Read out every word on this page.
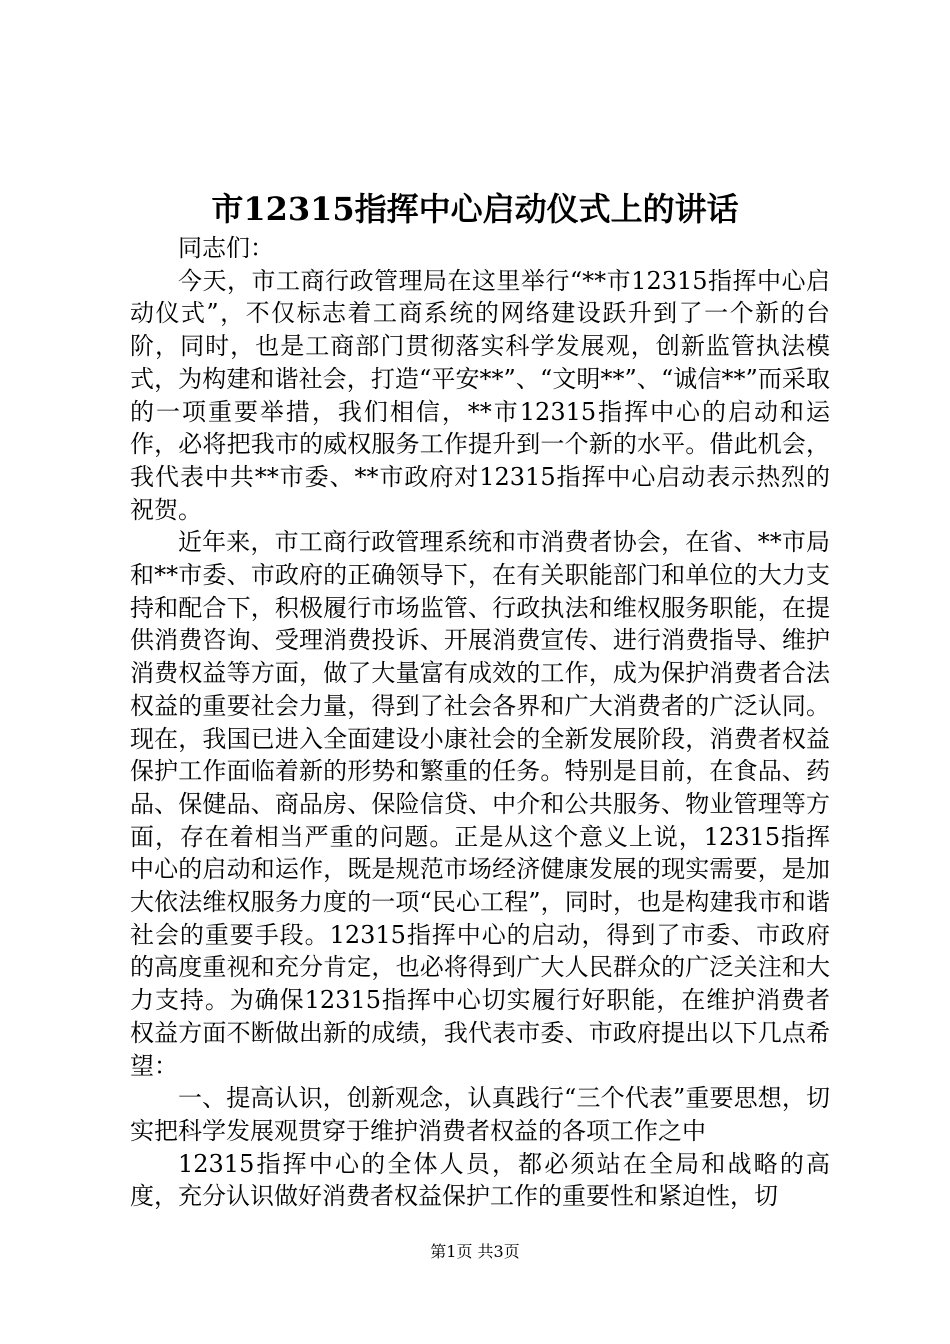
市12315指挥中心启动仪式上的讲话

同志们：

今天，市工商行政管理局在这里举行“**市12315指挥中心启动仪式”，不仅标志着工商系统的网络建设跃升到了一个新的台阶，同时，也是工商部门贯彻落实科学发展观，创新监管执法模式，为构建和谐社会，打造“平安**”、“文明**”、“诚信**”而采取的一项重要举措，我们相信，**市12315指挥中心的启动和运作，必将把我市的威权服务工作提升到一个新的水平。借此机会，我代表中共**市委、**市政府对12315指挥中心启动表示热烈的祝贺。

近年来，市工商行政管理系统和市消费者协会，在省、**市局和**市委、市政府的正确领导下，在有关职能部门和单位的大力支持和配合下，积极履行市场监管、行政执法和维权服务职能，在提供消费咨询、受理消费投诉、开展消费宣传、进行消费指导、维护消费权益等方面，做了大量富有成效的工作，成为保护消费者合法权益的重要社会力量，得到了社会各界和广大消费者的广泛认同。现在，我国已进入全面建设小康社会的全新发展阶段，消费者权益保护工作面临着新的形势和繁重的任务。特别是目前，在食品、药品、保健品、商品房、保险信贷、中介和公共服务、物业管理等方面，存在着相当严重的问题。正是从这个意义上说，12315指挥中心的启动和运作，既是规范市场经济健康发展的现实需要，是加大依法维权服务力度的一项“民心工程”，同时，也是构建我市和谐社会的重要手段。12315指挥中心的启动，得到了市委、市政府的高度重视和充分肯定，也必将得到广大人民群众的广泛关注和大力支持。为确保12315指挥中心切实履行好职能，在维护消费者权益方面不断做出新的成绩，我代表市委、市政府提出以下几点希望：

一、提高认识，创新观念，认真践行“三个代表”重要思想，切实把科学发展观贯穿于维护消费者权益的各项工作之中

12315指挥中心的全体人员，都必须站在全局和战略的高度，充分认识做好消费者权益保护工作的重要性和紧迫性，切

第1页 共3页
